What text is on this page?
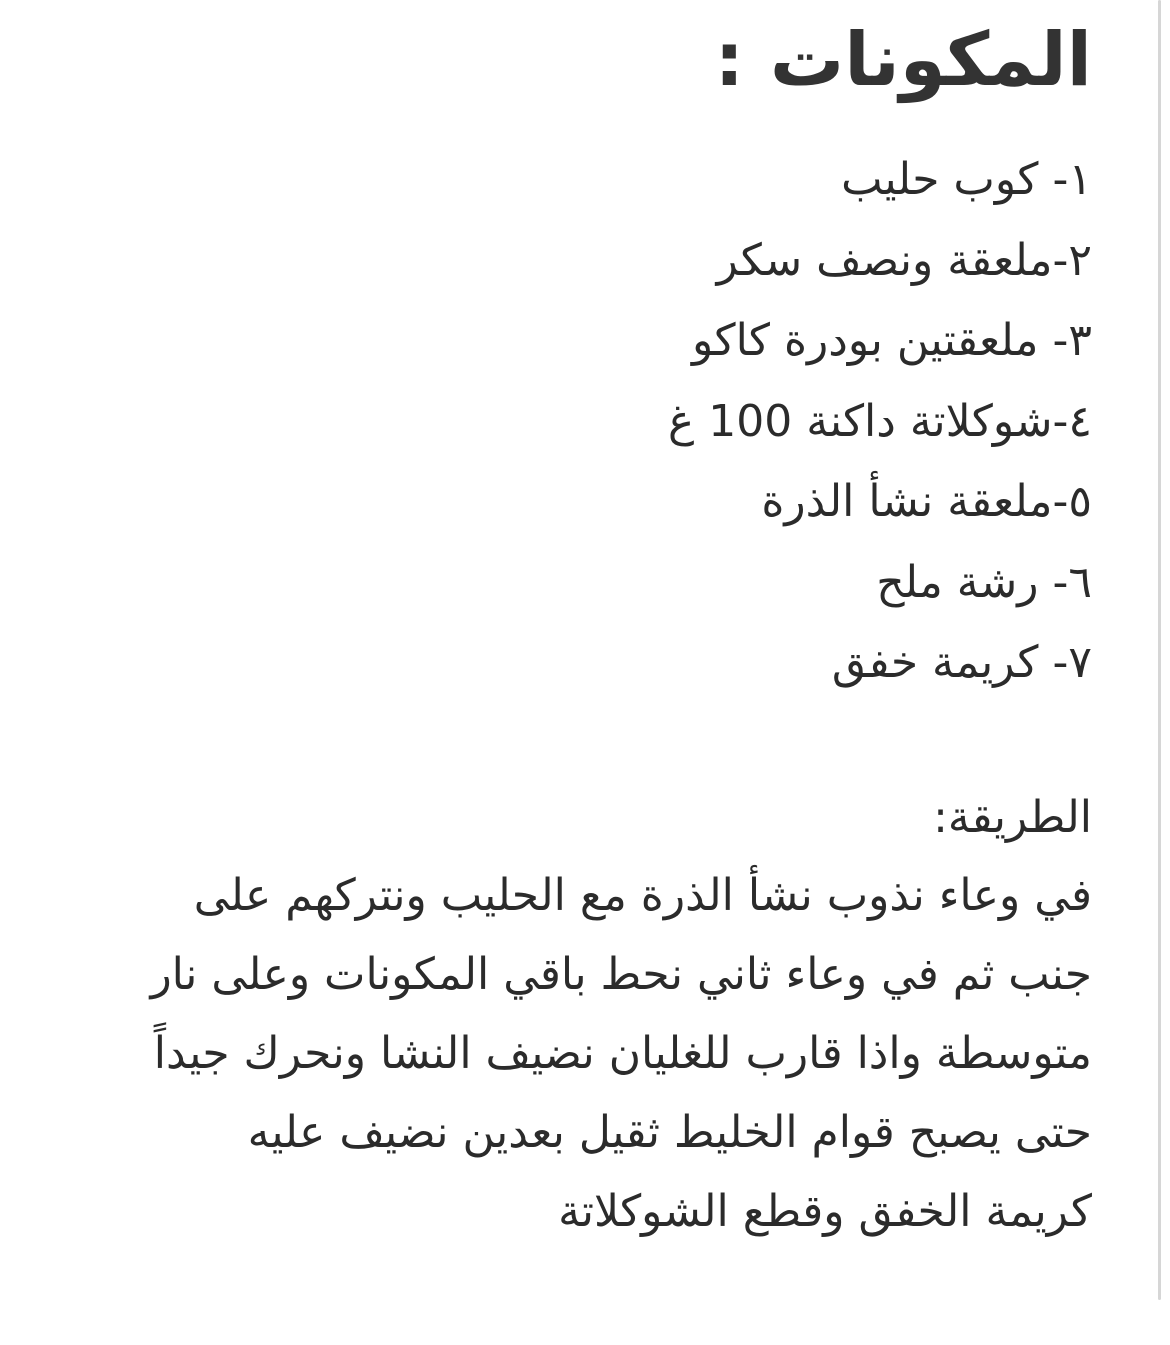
المكونات :
١- كوب حليب
٢-ملعقة ونصف سكر
٣- ملعقتين بودرة كاكو
٤-شوكلاتة داكنة 100 غ
٥-ملعقة نشأ الذرة
٦- رشة ملح
٧- كريمة خفق
الطريقة:
في وعاء نذوب نشأ الذرة مع الحليب ونتركهم على
جنب ثم في وعاء ثاني نحط باقي المكونات وعلى نار
متوسطة واذا قارب للغليان نضيف النشا ونحرك جيداً
حتى يصبح قوام الخليط ثقيل بعدين نضيف عليه
كريمة الخفق وقطع الشوكلاتة
